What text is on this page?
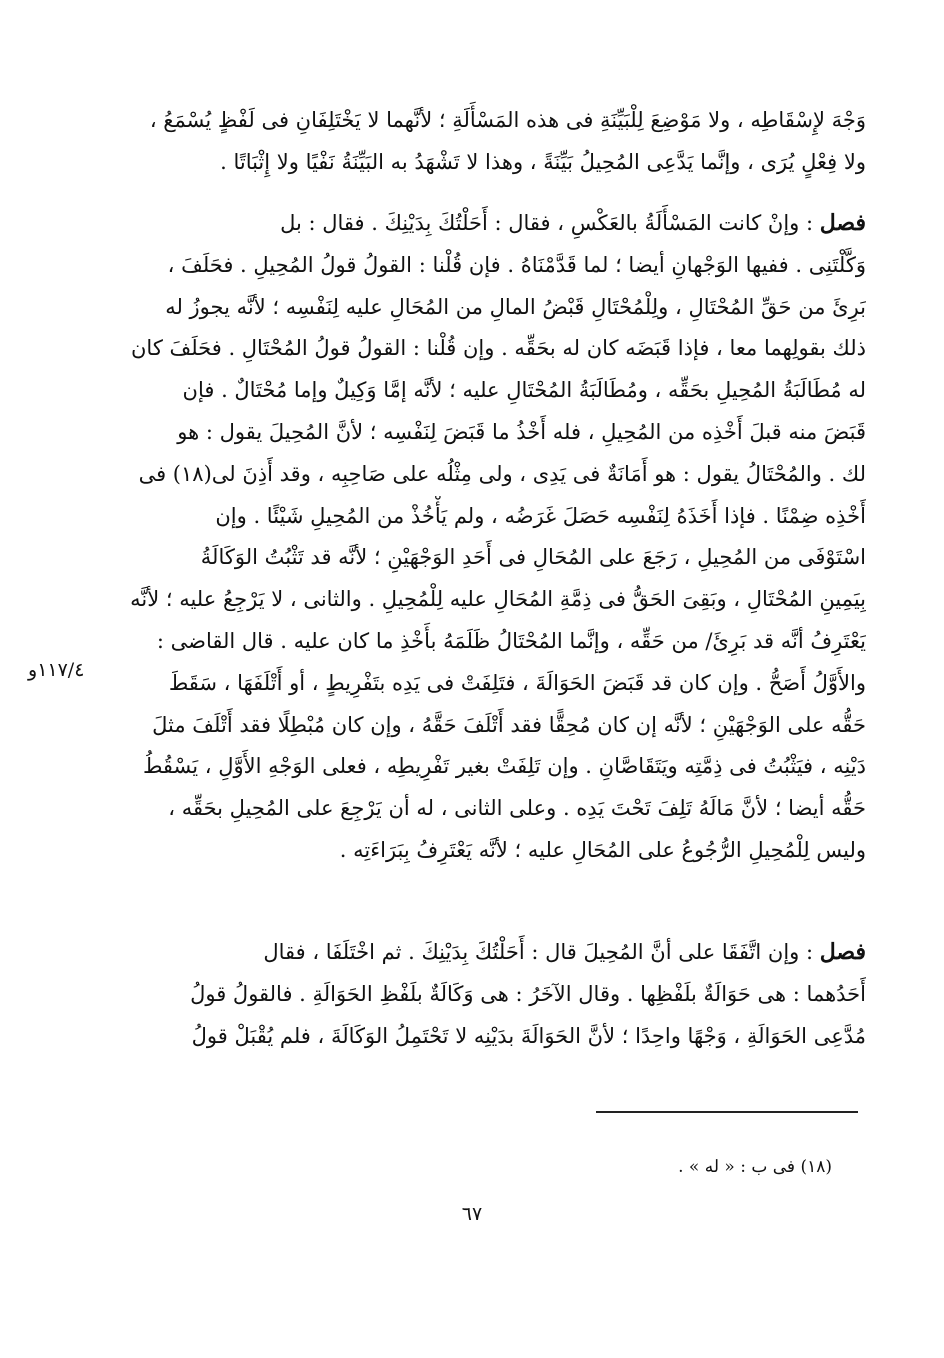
وَجْهَ لإِسْقَاطِه ، ولا مَوْضِعَ لِلْبَيِّنَةِ فى هذه المَسْأَلَةِ ؛ لأنَّهما لا يَخْتَلِفَانِ فى لَفْظٍ يُسْمَعُ ،
ولا فِعْلٍ يُرَى ، وإنَّما يَدَّعِى المُحِيلُ بَيِّنَةً ، وهذا لا تَشْهَدُ به البَيِّنَةُ نَفْيًا ولا إِثْبَاتًا .
فصل : وإنْ كانت المَسْأَلَةُ بالعَكْسِ ، فقال : أَحَلْتُكَ بِدَيْنِكَ . فقال : بل
وَكَّلْتَنِى . ففيها الوَجْهانِ أيضا ؛ لما قَدَّمْنَاهُ . فإن قُلْنا : القولُ قولُ المُحِيلِ . فحَلَفَ ،
بَرِئَ من حَقِّ المُحْتَالِ ، ولِلْمُحْتَالِ قَبْضُ المالِ من المُحَالِ عليه لِنَفْسِه ؛ لأنَّه يجوزُ له
ذلك بقولِهما معا ، فإذا قَبَضَه كان له بحَقِّه . وإن قُلْنا : القولُ قولُ المُحْتَالِ . فحَلَفَ كان
له مُطَالَبَةُ المُحِيلِ بحَقِّه ، ومُطَالَبَةُ المُحْتَالِ عليه ؛ لأنَّه إمَّا وَكِيلٌ وإما مُحْتَالٌ . فإن
قَبَضَ منه قبلَ أَخْذِه من المُحِيلِ ، فله أَخْذُ ما قَبَضَ لِنَفْسِه ؛ لأنَّ المُحِيلَ يقول : هو
لك . والمُحْتَالُ يقول : هو أَمَانَةٌ فى يَدِى ، ولى مِثْلُه على صَاحِبِه ، وقد أَذِنَ لى(١٨) فى
أَخْذِه ضِمْنًا . فإذا أَخَذَهُ لِنَفْسِه حَصَلَ غَرَضُه ، ولم يَأْخُذْ من المُحِيلِ شَيْئًا . وإن
اسْتَوْفَى من المُحِيلِ ، رَجَعَ على المُحَالِ فى أَحَدِ الوَجْهَيْنِ ؛ لأنَّه قد تَثْبُتُ الوَكَالَةُ
بِيَمِينِ المُحْتَالِ ، وبَقِىَ الحَقُّ فى ذِمَّةِ المُحَالِ عليه لِلْمُحِيلِ . والثانى ، لا يَرْجِعُ عليه ؛ لأنَّه
يَعْتَرِفُ أنَّه قد بَرِئَ/ من حَقِّه ، وإنَّما المُحْتَالُ ظَلَمَهُ بأَخْذِ ما كان عليه . قال القاضى :
والأَوَّلُ أَصَحُّ . وإن كان قد قَبَضَ الحَوَالَةَ ، فتَلِفَتْ فى يَدِه بتَفْرِيطٍ ، أو أَتْلَفَهَا ، سَقَطَ
حَقُّه على الوَجْهَيْنِ ؛ لأنَّه إن كان مُحِقًّا فقد أَتْلَفَ حَقَّهُ ، وإن كان مُبْطِلًا فقد أَتْلَفَ مثلَ
دَيْنِه ، فيَثْبُتُ فى ذِمَّتِه ويَتَقَاصَّانِ . وإن تَلِفَتْ بغير تَفْرِيطِه ، فعلى الوَجْهِ الأَوَّلِ ، يَسْقُطُ
حَقُّه أيضا ؛ لأنَّ مَالَهُ تَلِفَ تَحْتَ يَدِه . وعلى الثانى ، له أن يَرْجِعَ على المُحِيلِ بحَقِّه ،
وليس لِلْمُحِيلِ الرُّجُوعُ على المُحَالِ عليه ؛ لأنَّه يَعْتَرِفُ بِبَرَاءَتِه .
فصل : وإن اتَّفَقَا على أنَّ المُحِيلَ قال : أَحَلْتُكَ بِدَيْنِكَ . ثم اخْتَلَفَا ، فقال
أَحَدُهما : هى حَوَالَةٌ بلَفْظِها . وقال الآخَرُ : هى وَكَالَةٌ بلَفْظِ الحَوَالَةِ . فالقولُ قولُ
مُدَّعِى الحَوَالَةِ ، وَجْهًا واحِدًا ؛ لأنَّ الحَوَالَةَ بدَيْنِه لا تَحْتَمِلُ الوَكَالَةَ ، فلم يُقْبَلْ قولُ
١١٧/٤و
(١٨) فى ب : « له » .
٦٧
